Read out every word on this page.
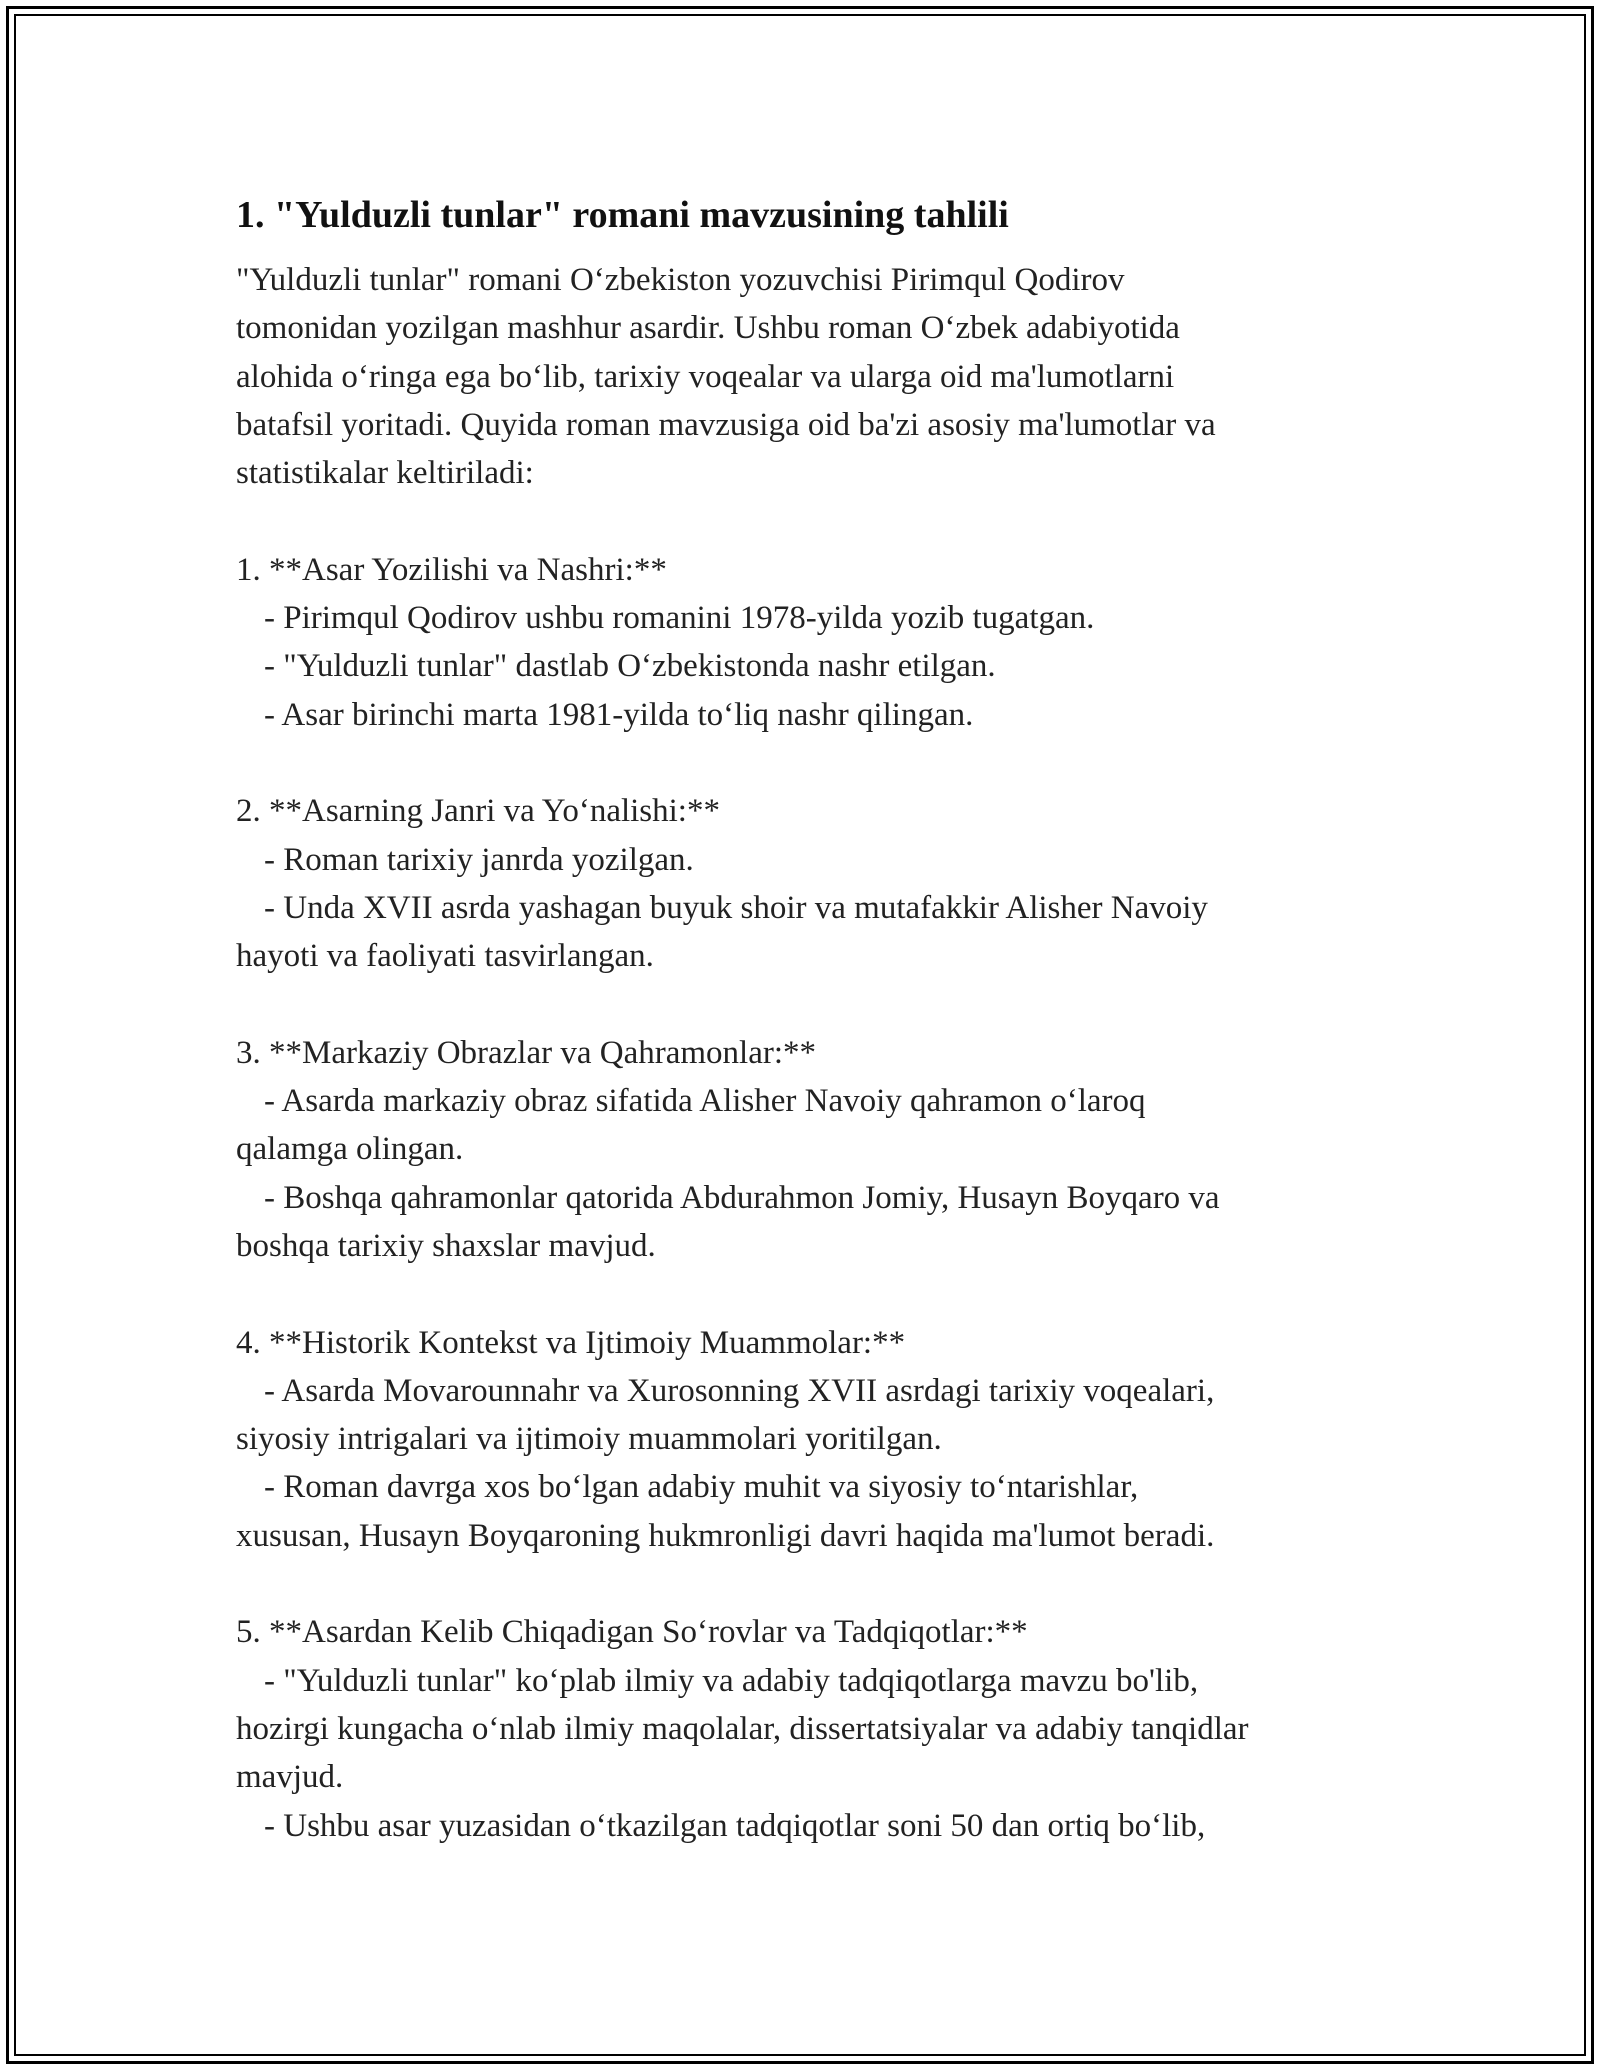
1. "Yulduzli tunlar" romani mavzusining tahlili
"Yulduzli tunlar" romani O‘zbekiston yozuvchisi Pirimqul Qodirov
tomonidan yozilgan mashhur asardir. Ushbu roman O‘zbek adabiyotida
alohida o‘ringa ega bo‘lib, tarixiy voqealar va ularga oid ma'lumotlarni
batafsil yoritadi. Quyida roman mavzusiga oid ba'zi asosiy ma'lumotlar va
statistikalar keltiriladi:
1. **Asar Yozilishi va Nashri:**
- Pirimqul Qodirov ushbu romanini 1978-yilda yozib tugatgan.
- "Yulduzli tunlar" dastlab O‘zbekistonda nashr etilgan.
- Asar birinchi marta 1981-yilda to‘liq nashr qilingan.
2. **Asarning Janri va Yo‘nalishi:**
- Roman tarixiy janrda yozilgan.
- Unda XVII asrda yashagan buyuk shoir va mutafakkir Alisher Navoiy
hayoti va faoliyati tasvirlangan.
3. **Markaziy Obrazlar va Qahramonlar:**
- Asarda markaziy obraz sifatida Alisher Navoiy qahramon o‘laroq
qalamga olingan.
- Boshqa qahramonlar qatorida Abdurahmon Jomiy, Husayn Boyqaro va
boshqa tarixiy shaxslar mavjud.
4. **Historik Kontekst va Ijtimoiy Muammolar:**
- Asarda Movarounnahr va Xurosonning XVII asrdagi tarixiy voqealari,
siyosiy intrigalari va ijtimoiy muammolari yoritilgan.
- Roman davrga xos bo‘lgan adabiy muhit va siyosiy to‘ntarishlar,
xususan, Husayn Boyqaroning hukmronligi davri haqida ma'lumot beradi.
5. **Asardan Kelib Chiqadigan So‘rovlar va Tadqiqotlar:**
- "Yulduzli tunlar" ko‘plab ilmiy va adabiy tadqiqotlarga mavzu bo'lib,
hozirgi kungacha o‘nlab ilmiy maqolalar, dissertatsiyalar va adabiy tanqidlar
mavjud.
- Ushbu asar yuzasidan o‘tkazilgan tadqiqotlar soni 50 dan ortiq bo‘lib,
